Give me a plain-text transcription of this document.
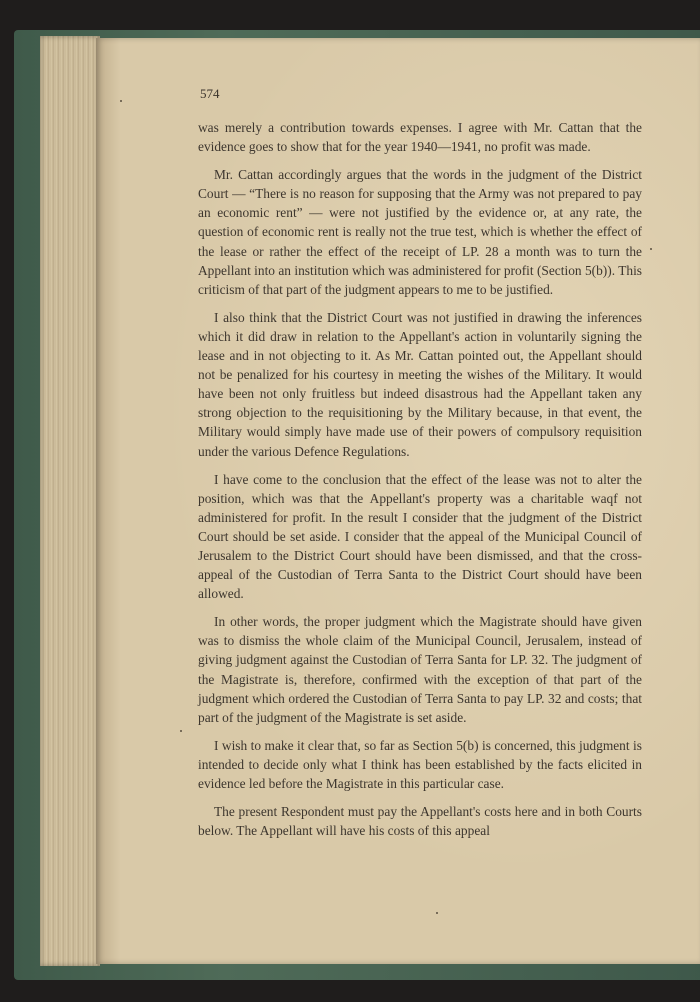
574

was merely a contribution towards expenses. I agree with Mr. Cattan that the evidence goes to show that for the year 1940—1941, no profit was made.

Mr. Cattan accordingly argues that the words in the judgment of the District Court — “There is no reason for supposing that the Army was not prepared to pay an economic rent” — were not justified by the evidence or, at any rate, the question of economic rent is really not the true test, which is whether the effect of the lease or rather the effect of the receipt of LP. 28 a month was to turn the Appellant into an institution which was administered for profit (Section 5(b)). This criticism of that part of the judgment appears to me to be justified.

I also think that the District Court was not justified in drawing the inferences which it did draw in relation to the Appellant's action in voluntarily signing the lease and in not objecting to it. As Mr. Cattan pointed out, the Appellant should not be penalized for his courtesy in meeting the wishes of the Military. It would have been not only fruitless but indeed disastrous had the Appellant taken any strong objection to the requisitioning by the Military because, in that event, the Military would simply have made use of their powers of compulsory requisition under the various Defence Regulations.

I have come to the conclusion that the effect of the lease was not to alter the position, which was that the Appellant's property was a charitable waqf not administered for profit. In the result I consider that the judgment of the District Court should be set aside. I consider that the appeal of the Municipal Council of Jerusalem to the District Court should have been dismissed, and that the cross-appeal of the Custodian of Terra Santa to the District Court should have been allowed.

In other words, the proper judgment which the Magistrate should have given was to dismiss the whole claim of the Municipal Council, Jerusalem, instead of giving judgment against the Custodian of Terra Santa for LP. 32. The judgment of the Magistrate is, therefore, confirmed with the exception of that part of the judgment which ordered the Custodian of Terra Santa to pay LP. 32 and costs; that part of the judgment of the Magistrate is set aside.

I wish to make it clear that, so far as Section 5(b) is concerned, this judgment is intended to decide only what I think has been established by the facts elicited in evidence led before the Magistrate in this particular case.

The present Respondent must pay the Appellant's costs here and in both Courts below. The Appellant will have his costs of this appeal
